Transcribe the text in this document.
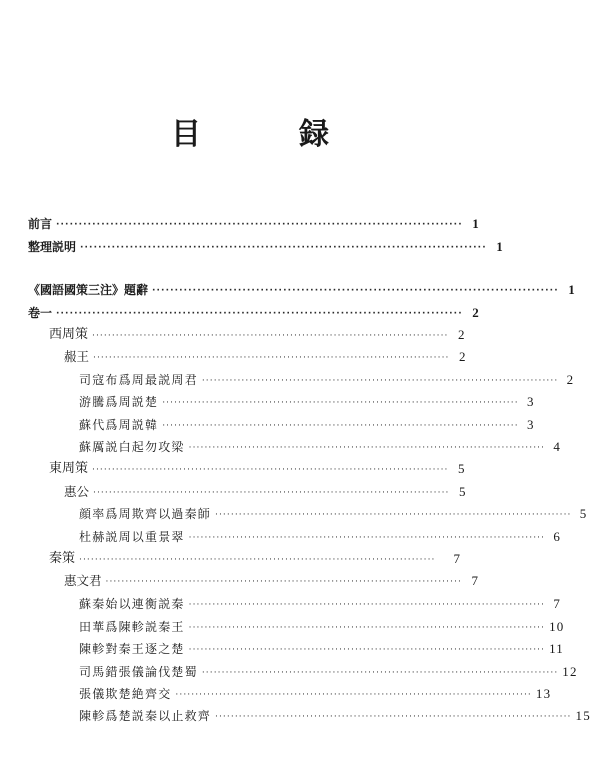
目　録
前言 ·························································································· 1
整理説明 ·························································································· 1
《國語國策三注》題辭 ·························································································· 1
卷一 ·························································································· 2
西周策 ·························································································· 2
赧王 ·························································································· 2
司寇布爲周最説周君 ·························································································· 2
游騰爲周説楚 ·························································································· 3
蘇代爲周説韓 ·························································································· 3
蘇厲説白起勿攻梁 ·························································································· 4
東周策 ·························································································· 5
惠公 ·························································································· 5
顔率爲周欺齊以過秦師 ·························································································· 5
杜赫説周以重景翠 ·························································································· 6
秦策 ··························································································	7
惠文君 ·························································································· 7
蘇秦始以連衡説秦 ·························································································· 7
田華爲陳軫説秦王 ·························································································· 10
陳軫對秦王逐之楚 ·························································································· 11
司馬錯張儀論伐楚蜀 ·························································································· 12
張儀欺楚絶齊交 ·························································································· 13
陳軫爲楚説秦以止救齊 ·························································································· 15
